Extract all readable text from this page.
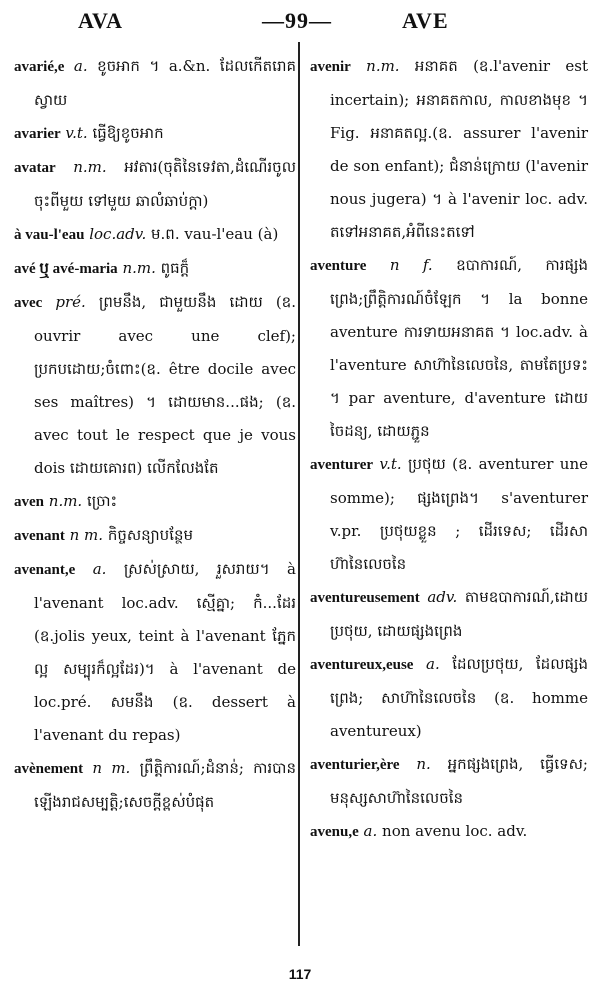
AVA	—99—	AVE

avarié,e a. ខូចអាក ។ a.&n. ដែលកើតរោគស្វាយ

avarier v.t. ធ្វើឱ្យខូចអាក

avatar n.m. អវតារ(ចុតិនៃទេវតា,ដំណើរចូលចុះពីមួយ ទៅមួយ ឆាលំឆាប់ក្តា)

à vau-l'eau loc.adv. ម.ព. vau-l'eau (à)

avé ឬ avé-maria n.m. ពូធក្ត៏

avec pré. ព្រមនឹង, ជាមួយនឹង ដោយ (ឧ. ouvrir avec une clef); ប្រកបដោយ;ចំពោះ(ឧ. être docile avec ses maîtres) ។ ដោយមាន...ផង; (ឧ. avec tout le respect que je vous dois ដោយគោរព) លើកលែងតែ

aven n.m. ច្រោះ

avenant n m. កិច្ចសន្យាបន្ថែម

avenant,e a. ស្រស់ស្រាយ, រួសរាយ។ à l'avenant loc.adv. ស្មើគ្នា; កំ...ដែរ (ឧ.jolis yeux, teint à l'avenant ភ្នែកល្អ សម្បុរក៏ល្អដែរ)។ à l'avenant de loc.pré. សមនឹង (ឧ. dessert à l'avenant du repas)

avènement n m. ព្រឹត្តិការណ៍;ដំនាន់; ការបានឡើងរាជសម្បត្តិ;សេចក្តីខ្ពស់បំផុត

avenir n.m. អនាគត (ឧ.l'avenir est incertain); អនាគតកាល, កាលខាងមុខ ។ Fig. អនាគតល្អ.(ឧ. assurer l'avenir de son enfant); ជំនាន់ក្រោយ (l'avenir nous jugera) ។ à l'avenir loc. adv. តទៅអនាគត,អំពីនេះតទៅ

aventure n f. ឧបាការណ៍, ការផ្សងព្រេង;ព្រឹត្តិការណ៍ចំឡែក ។ la bonne aventure ការទាយអនាគត ។ loc.adv. à l'aventure សាហ៊ានៃលេចនៃ, តាមតែប្រទះ ។ par aventure, d'aventure ដោយចៃដន្យ, ដោយភ្ជួន

aventurer v.t. ប្រថុយ (ឧ. aventurer une somme); ផ្សងព្រេង។ s'aventurer v.pr. ប្រថុយខ្លួន ; ដើរទេស; ដើរសាហ៊ានៃលេចនៃ

aventureusement adv. តាមឧបាការណ៍,ដោយប្រថុយ, ដោយផ្សងព្រេង

aventureux,euse a. ដែលប្រថុយ, ដែលផ្សងព្រេង; សាហ៊ានៃលេចនៃ (ឧ. homme aventureux)

aventurier,ère n. អ្នកផ្សងព្រេង, ធ្វើទេស; មនុស្សសាហ៊ានៃលេចនៃ

avenu,e a. non avenu loc. adv.

117
